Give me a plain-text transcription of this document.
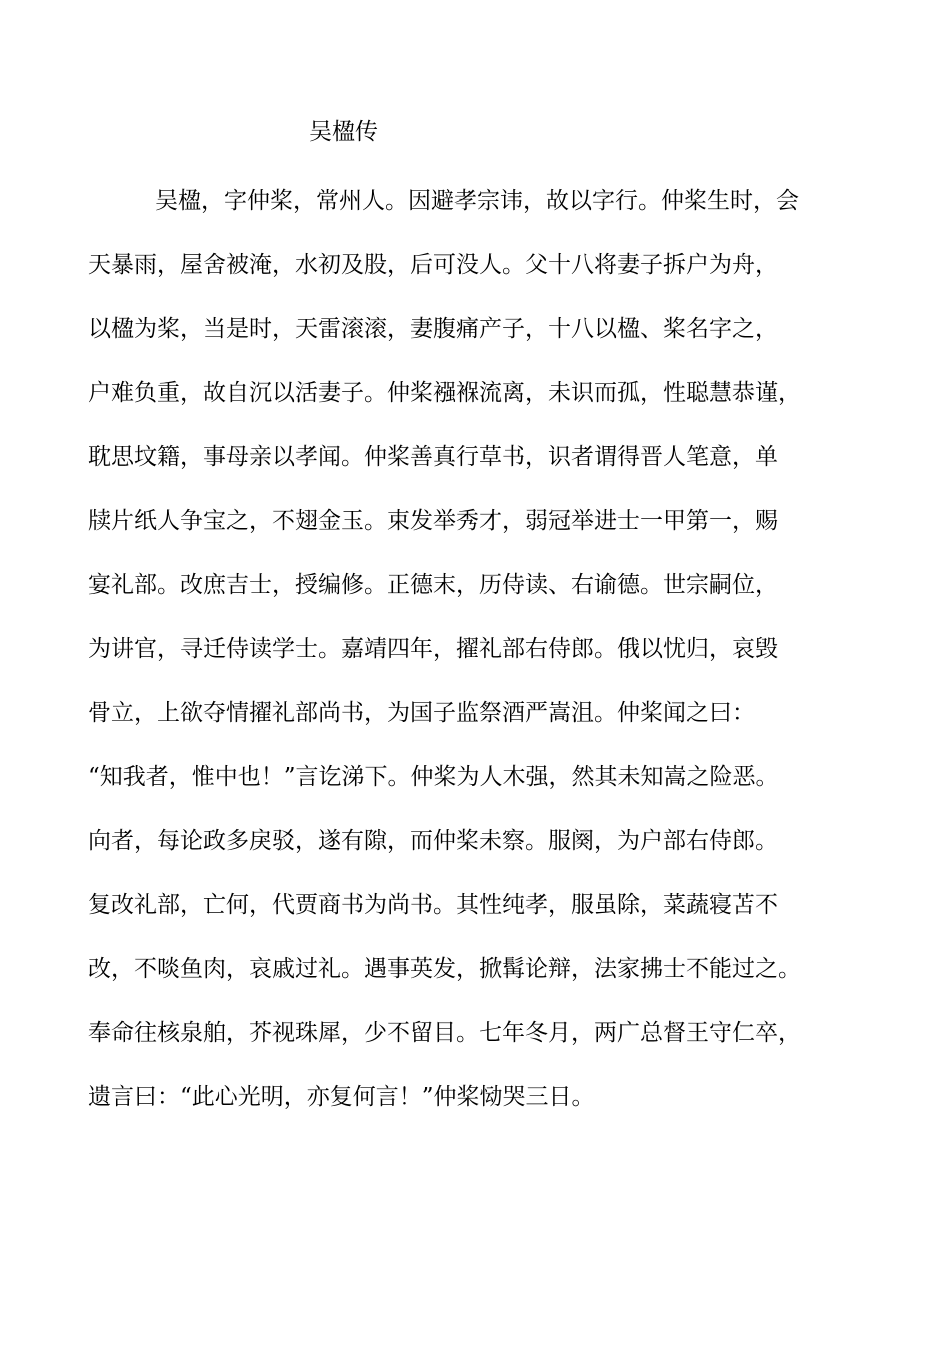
吴楹传
吴楹，字仲桨，常州人。因避孝宗讳，故以字行。仲桨生时，会
天暴雨，屋舍被淹，水初及股，后可没人。父十八将妻子拆户为舟，
以楹为桨，当是时，天雷滚滚，妻腹痛产子，十八以楹、桨名字之，
户难负重，故自沉以活妻子。仲桨襁褓流离，未识而孤，性聪慧恭谨，
耽思坟籍，事母亲以孝闻。仲桨善真行草书，识者谓得晋人笔意，单
牍片纸人争宝之，不翅金玉。束发举秀才，弱冠举进士一甲第一，赐
宴礼部。改庶吉士，授编修。正德末，历侍读、右谕德。世宗嗣位，
为讲官，寻迁侍读学士。嘉靖四年，擢礼部右侍郎。俄以忧归，哀毁
骨立，上欲夺情擢礼部尚书，为国子监祭酒严嵩沮。仲桨闻之曰：
“知我者，惟中也！”言讫涕下。仲桨为人木强，然其未知嵩之险恶。
向者，每论政多戾驳，遂有隙，而仲桨未察。服阕，为户部右侍郎。
复改礼部，亡何，代贾商书为尚书。其性纯孝，服虽除，菜蔬寝苫不
改，不啖鱼肉，哀戚过礼。遇事英发，掀髯论辩，法家拂士不能过之。
奉命往核泉舶，芥视珠犀，少不留目。七年冬月，两广总督王守仁卒，
遗言曰：“此心光明，亦复何言！”仲桨恸哭三日。
